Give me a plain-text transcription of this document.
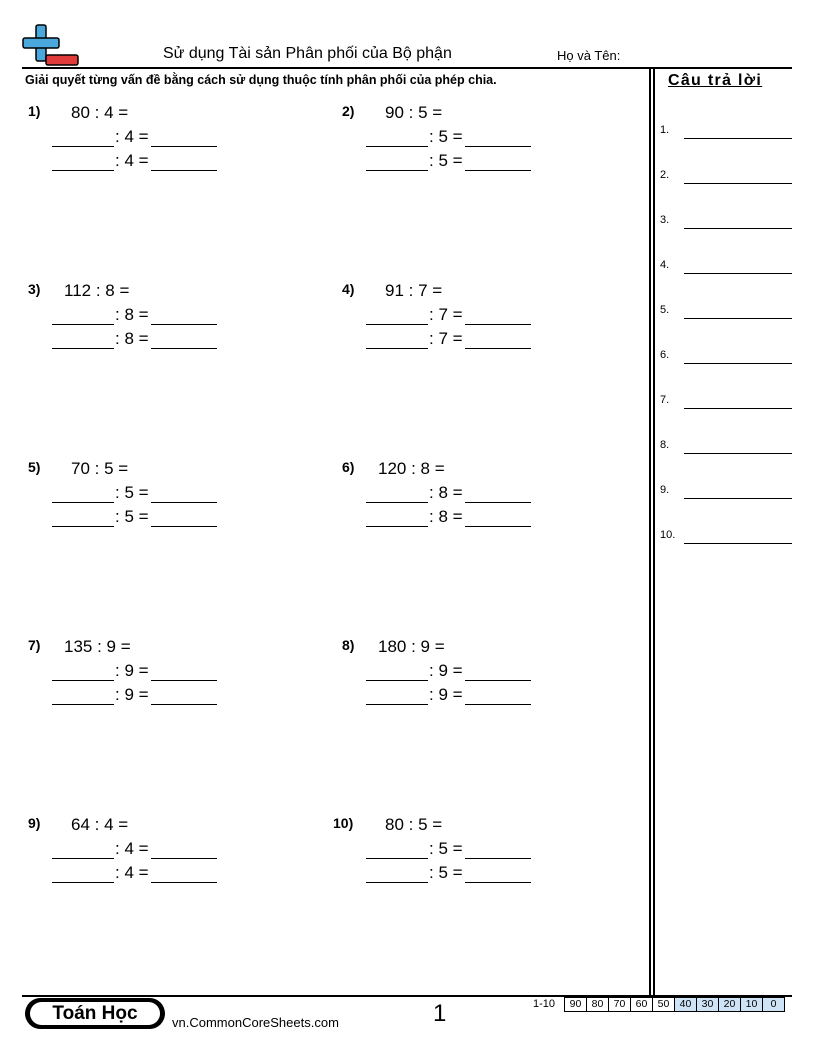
Sử dụng Tài sản Phân phối của Bộ phận	Họ và Tên:
Giải quyết từng vấn đề bằng cách sử dụng thuộc tính phân phối của phép chia.	Câu trả lời
1.
2.
3.
4.
5.
6.
7.
8.
9.
10.
1) 80 : 4 =
: 4 =
: 4 =
2) 90 : 5 =
: 5 =
: 5 =
3) 112 : 8 =
: 8 =
: 8 =
4) 91 : 7 =
: 7 =
: 7 =
5) 70 : 5 =
: 5 =
: 5 =
6) 120 : 8 =
: 8 =
: 8 =
7) 135 : 9 =
: 9 =
: 9 =
8) 180 : 9 =
: 9 =
: 9 =
9) 64 : 4 =
: 4 =
: 4 =
10) 80 : 5 =
: 5 =
: 5 =
Toán Học	vn.CommonCoreSheets.com	1	1-10	90 80 70 60 50 40 30 20 10	0
